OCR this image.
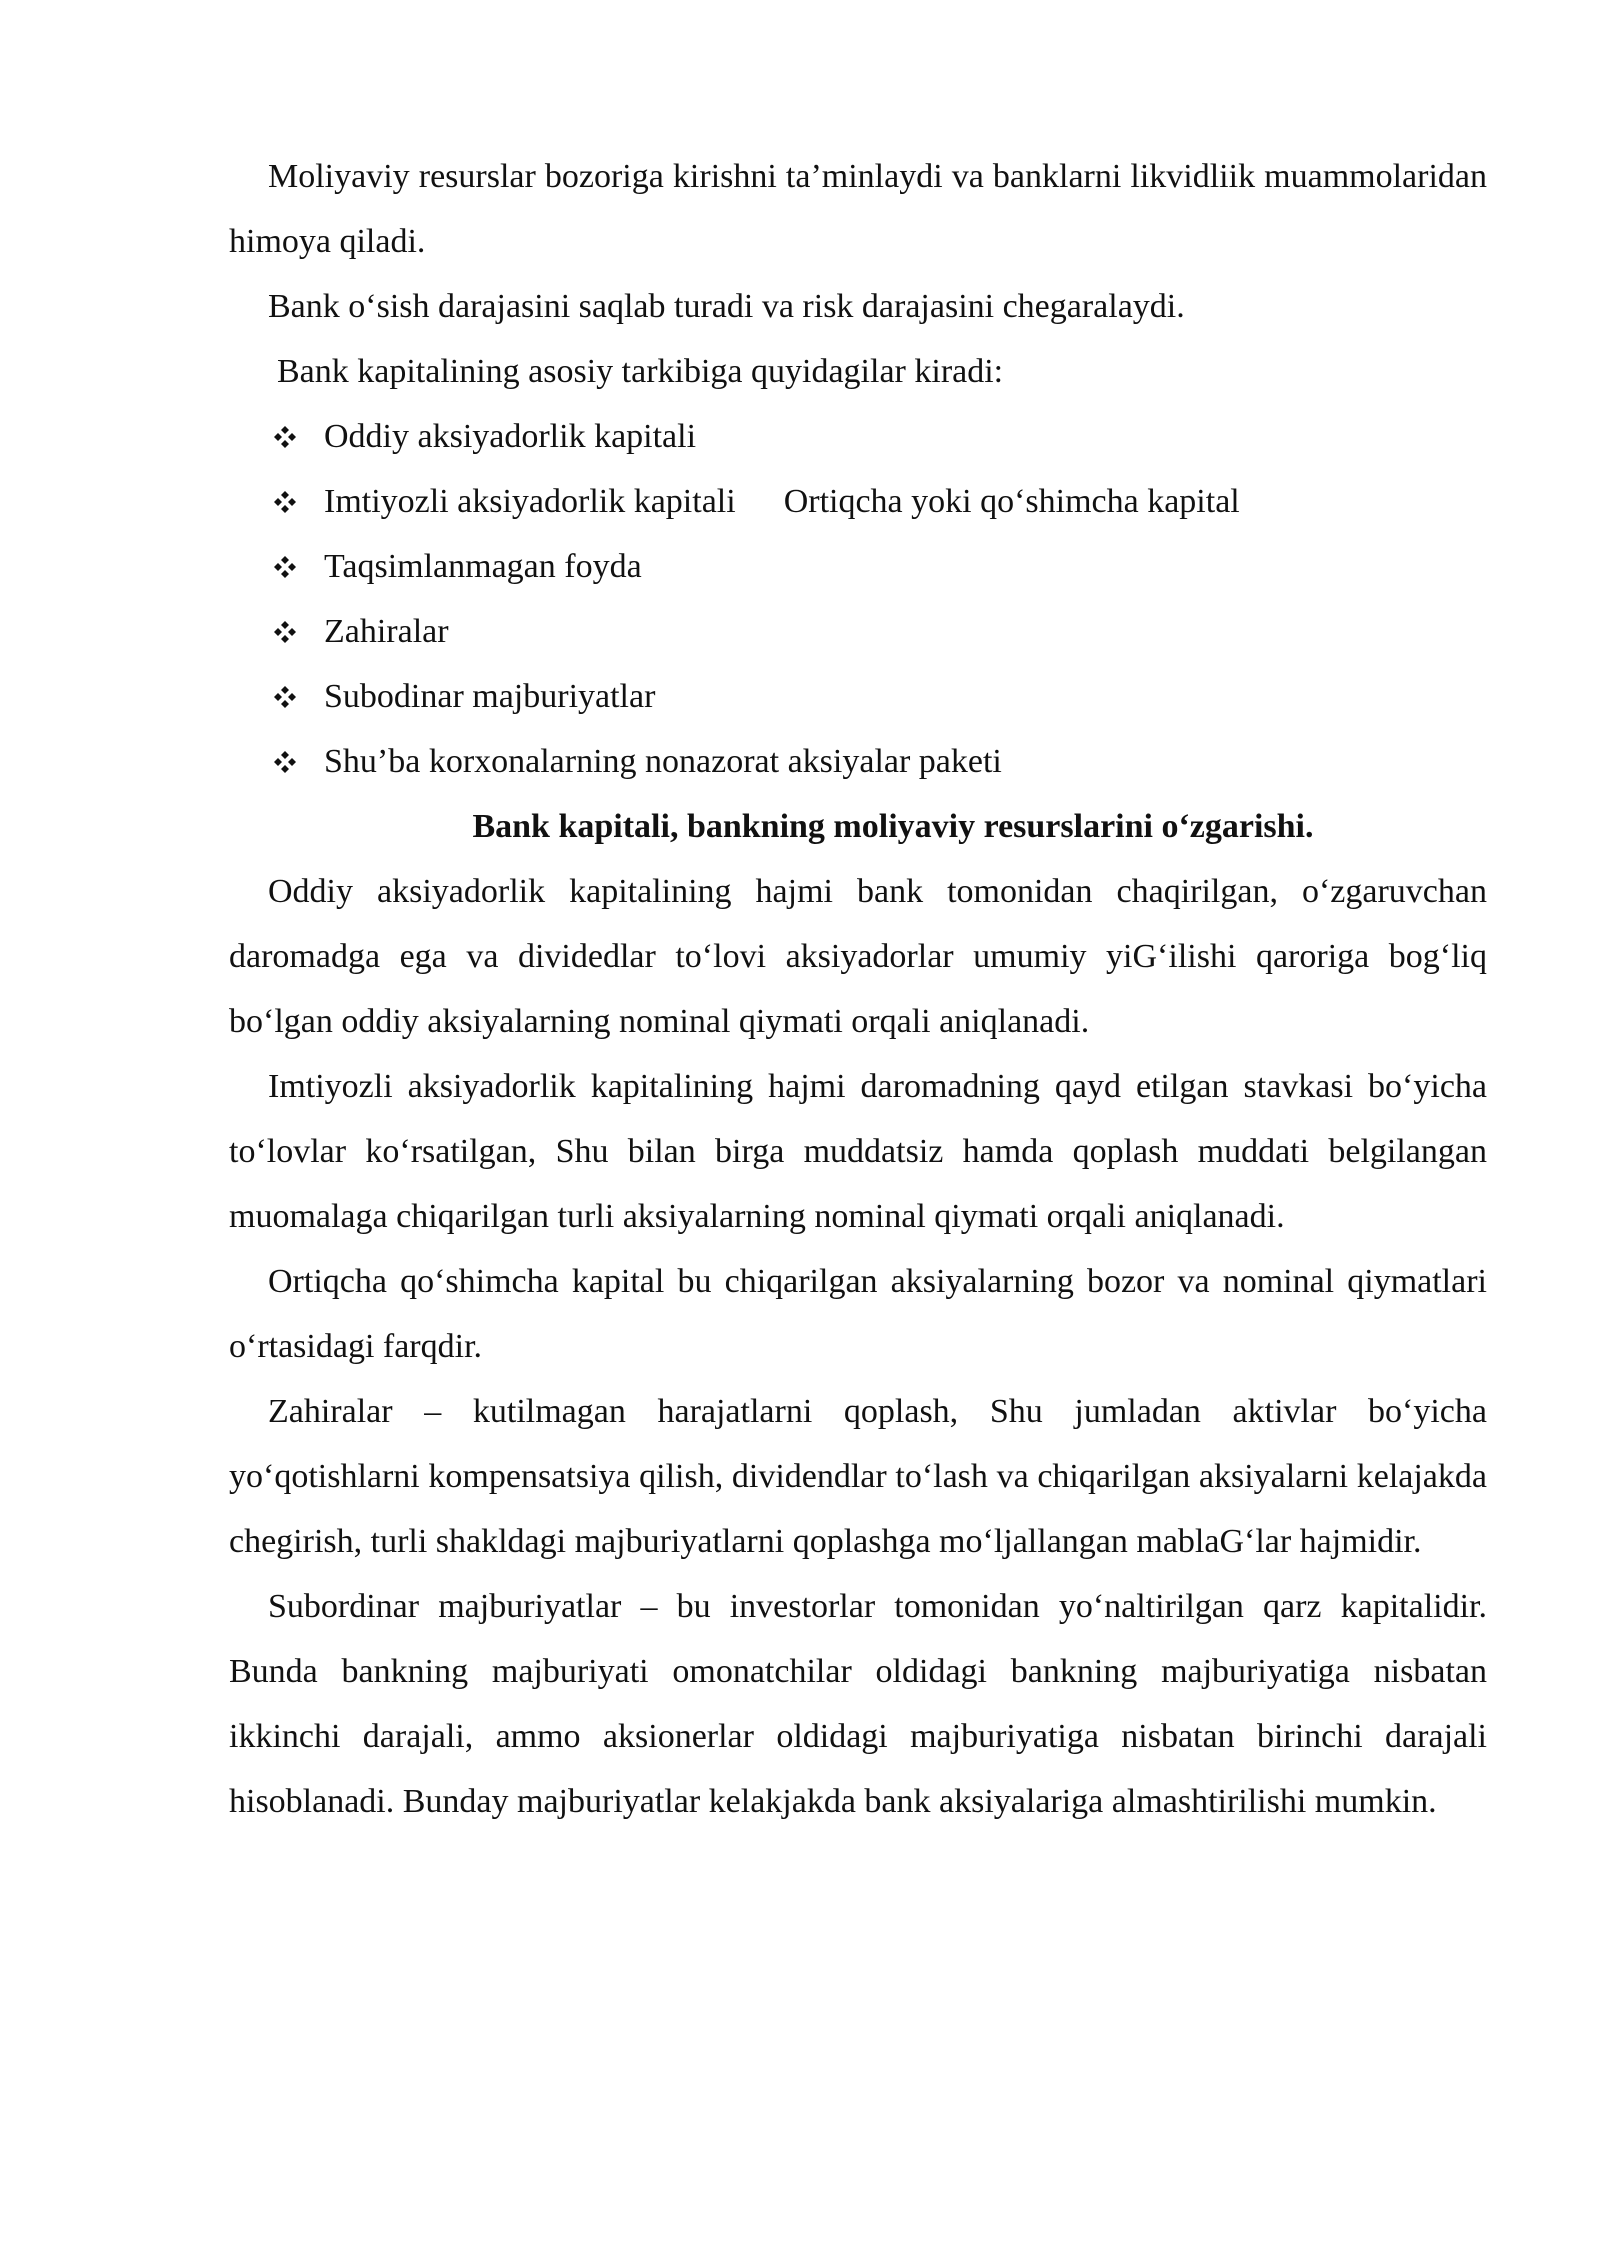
Moliyaviy resurslar bozoriga kirishni ta’minlaydi va banklarni likvidliik muammolaridan himoya qiladi.

Bank o‘sish darajasini saqlab turadi va risk darajasini chegaralaydi.

Bank kapitalining asosiy tarkibiga quyidagilar kiradi:

Oddiy aksiyadorlik kapitali
Imtiyozli aksiyadorlik kapitali Ortiqcha yoki qo‘shimcha kapital
Taqsimlanmagan foyda
Zahiralar
Subodinar majburiyatlar
Shu’ba korxonalarning nonazorat aksiyalar paketi

Bank kapitali, bankning moliyaviy resurslarini o‘zgarishi.

Oddiy aksiyadorlik kapitalining hajmi bank tomonidan chaqirilgan, o‘zgaruvchan daromadga ega va dividedlar to‘lovi aksiyadorlar umumiy yiG‘ilishi qaroriga bog‘liq bo‘lgan oddiy aksiyalarning nominal qiymati orqali aniqlanadi.

Imtiyozli aksiyadorlik kapitalining hajmi daromadning qayd etilgan stavkasi bo‘yicha to‘lovlar ko‘rsatilgan, Shu bilan birga muddatsiz hamda qoplash muddati belgilangan muomalaga chiqarilgan turli aksiyalarning nominal qiymati orqali aniqlanadi.

Ortiqcha qo‘shimcha kapital bu chiqarilgan aksiyalarning bozor va nominal qiymatlari o‘rtasidagi farqdir.

Zahiralar – kutilmagan harajatlarni qoplash, Shu jumladan aktivlar bo‘yicha yo‘qotishlarni kompensatsiya qilish, dividendlar to‘lash va chiqarilgan aksiyalarni kelajakda chegirish, turli shakldagi majburiyatlarni qoplashga mo‘ljallangan mablaG‘lar hajmidir.

Subordinar majburiyatlar – bu investorlar tomonidan yo‘naltirilgan qarz kapitalidir. Bunda bankning majburiyati omonatchilar oldidagi bankning majburiyatiga nisbatan ikkinchi darajali, ammo aksionerlar oldidagi majburiyatiga nisbatan birinchi darajali hisoblanadi. Bunday majburiyatlar kelakjakda bank aksiyalariga almashtirilishi mumkin.
